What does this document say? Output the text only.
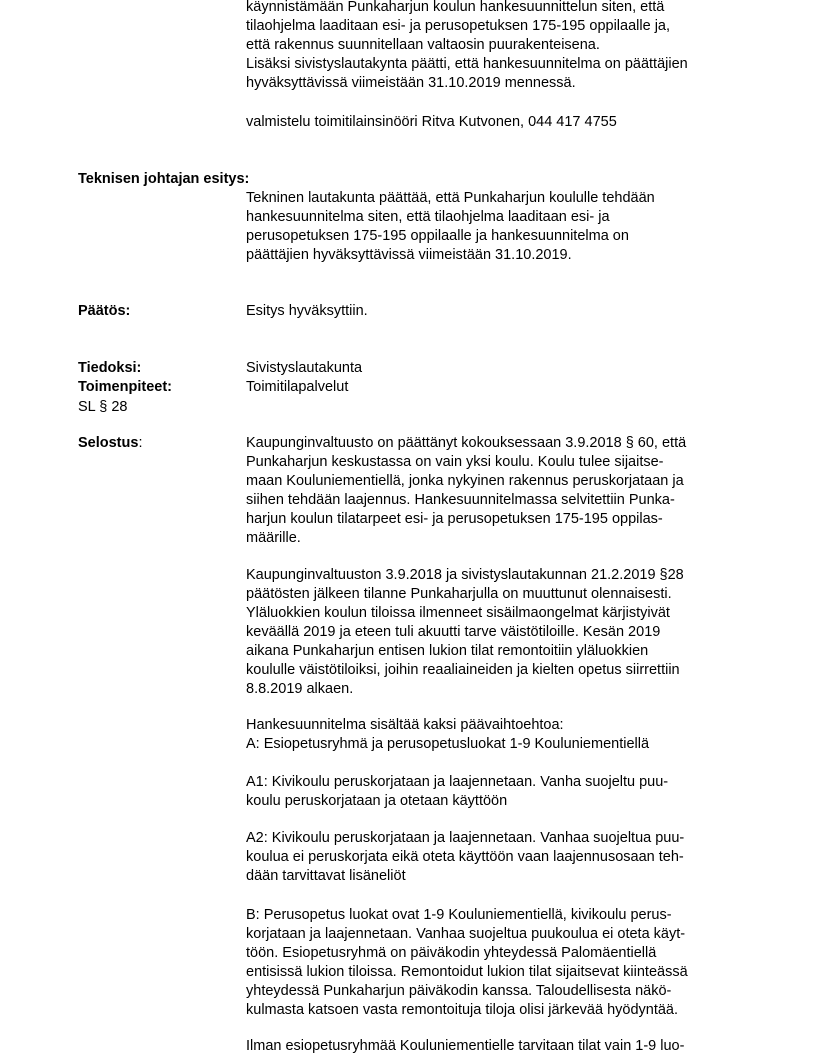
käynnistämään Punkaharjun koulun hankesuunnittelun siten, että
tilaohjelma laaditaan esi- ja perusopetuksen 175-195 oppilaalle ja,
että rakennus suunnitellaan valtaosin puurakenteisena.
Lisäksi sivistyslautakynta päätti, että hankesuunnitelma on päättäjien
hyväksyttävissä viimeistään 31.10.2019 mennessä.
valmistelu toimitilainsinööri Ritva Kutvonen, 044 417 4755
Teknisen johtajan esitys:
Tekninen lautakunta päättää, että Punkaharjun koululle tehdään
hankesuunnitelma siten, että tilaohjelma laaditaan esi- ja
perusopetuksen 175-195 oppilaalle ja hankesuunnitelma on
päättäjien hyväksyttävissä viimeistään 31.10.2019.
Päätös:	Esitys hyväksyttiin.
Tiedoksi:
Toimenpiteet:
SL § 28
Sivistyslautakunta
Toimitilapalvelut
Selostus:	Kaupunginvaltuusto on päättänyt kokouksessaan 3.9.2018 § 60, että
Punkaharjun keskustassa on vain yksi koulu. Koulu tulee sijaitse-
maan Kouluniementiellä, jonka nykyinen rakennus peruskorjataan ja
siihen tehdään laajennus. Hankesuunnitelmassa selvitettiin Punka-
harjun koulun tilatarpeet esi- ja perusopetuksen 175-195 oppilas-
määrille.
Kaupunginvaltuuston 3.9.2018 ja sivistyslautakunnan 21.2.2019 §28
päätösten jälkeen tilanne Punkaharjulla on muuttunut olennaisesti.
Yläluokkien koulun tiloissa ilmenneet sisäilmaongelmat kärjistyivät
keväällä 2019 ja eteen tuli akuutti tarve väistötiloille. Kesän 2019
aikana Punkaharjun entisen lukion tilat remontoitiin yläluokkien
koululle väistötiloiksi, joihin reaaliaineiden ja kielten opetus siirrettiin
8.8.2019 alkaen.
Hankesuunnitelma sisältää kaksi päävaihtoehtoa:
A: Esiopetusryhmä ja perusopetusluokat 1-9 Kouluniementiellä
A1: Kivikoulu peruskorjataan ja laajennetaan. Vanha suojeltu puu-
koulu peruskorjataan ja otetaan käyttöön
A2: Kivikoulu peruskorjataan ja laajennetaan. Vanhaa suojeltua puu-
koulua ei peruskorjata eikä oteta käyttöön vaan laajennusosaan teh-
dään tarvittavat lisäneliöt
B: Perusopetus luokat ovat 1-9 Kouluniementiellä, kivikoulu perus-
korjataan ja laajennetaan. Vanhaa suojeltua puukoulua ei oteta käyt-
töön. Esiopetusryhmä on päiväkodin yhteydessä Palomäentiellä
entisissä lukion tiloissa. Remontoidut lukion tilat sijaitsevat kiinteässä
yhteydessä Punkaharjun päiväkodin kanssa. Taloudellisesta näkö-
kulmasta katsoen vasta remontoituja tiloja olisi järkevää hyödyntää.
Ilman esiopetusryhmää Kouluniementielle tarvitaan tilat vain 1-9 luo-
